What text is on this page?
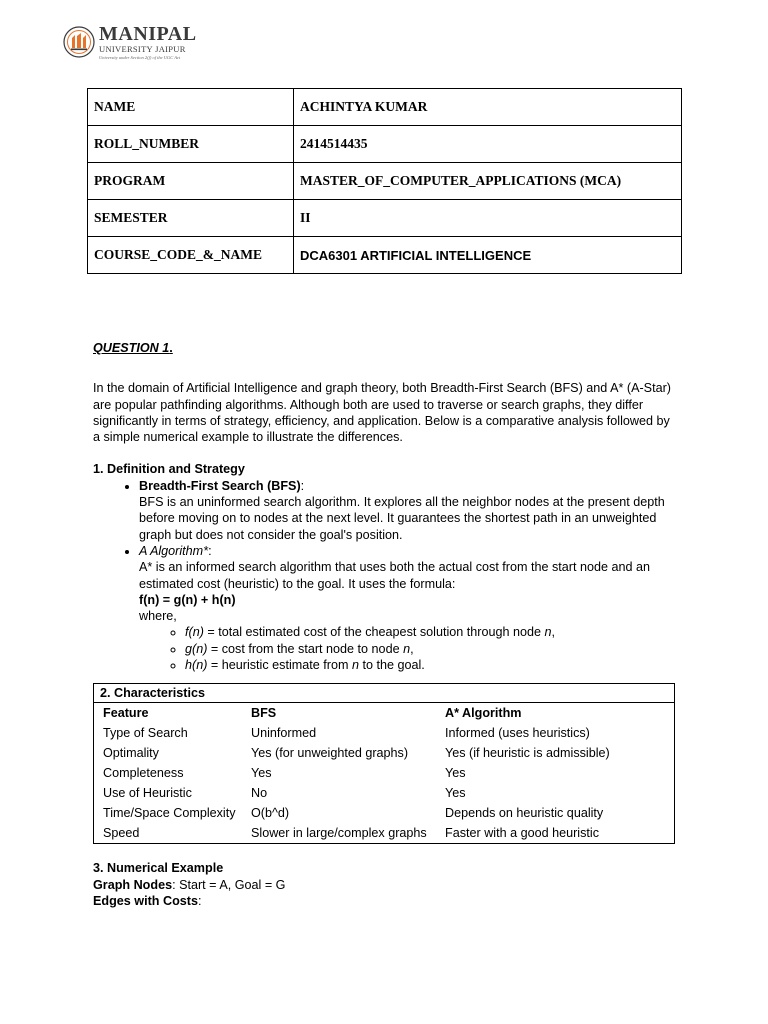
MANIPAL
UNIVERSITY JAIPUR
University under Section 2(f) of the UGC Act
NAME	ACHINTYA KUMAR
ROLL_NUMBER	2414514435
PROGRAM	MASTER_OF_COMPUTER_APPLICATIONS (MCA)
SEMESTER	II
COURSE_CODE_&_NAME	DCA6301 ARTIFICIAL INTELLIGENCE

QUESTION 1.

In the domain of Artificial Intelligence and graph theory, both Breadth-First Search (BFS) and A* (A-Star) are popular pathfinding algorithms. Although both are used to traverse or search graphs, they differ significantly in terms of strategy, efficiency, and application. Below is a comparative analysis followed by a simple numerical example to illustrate the differences.

1. Definition and Strategy

• Breadth-First Search (BFS):
BFS is an uninformed search algorithm. It explores all the neighbor nodes at the present depth before moving on to nodes at the next level. It guarantees the shortest path in an unweighted graph but does not consider the goal's position.
• A Algorithm*:
A* is an informed search algorithm that uses both the actual cost from the start node and an estimated cost (heuristic) to the goal. It uses the formula:
f(n) = g(n) + h(n)
where,
◦ f(n) = total estimated cost of the cheapest solution through node n,
◦ g(n) = cost from the start node to node n,
◦ h(n) = heuristic estimate from n to the goal.
2. Characteristics
Feature	BFS	A* Algorithm
Type of Search	Uninformed	Informed (uses heuristics)
Optimality	Yes (for unweighted graphs)	Yes (if heuristic is admissible)
Completeness	Yes	Yes
Use of Heuristic	No	Yes
Time/Space Complexity	O(b^d)	Depends on heuristic quality
Speed	Slower in large/complex graphs	Faster with a good heuristic

3. Numerical Example

Graph Nodes: Start = A, Goal = G

Edges with Costs:
